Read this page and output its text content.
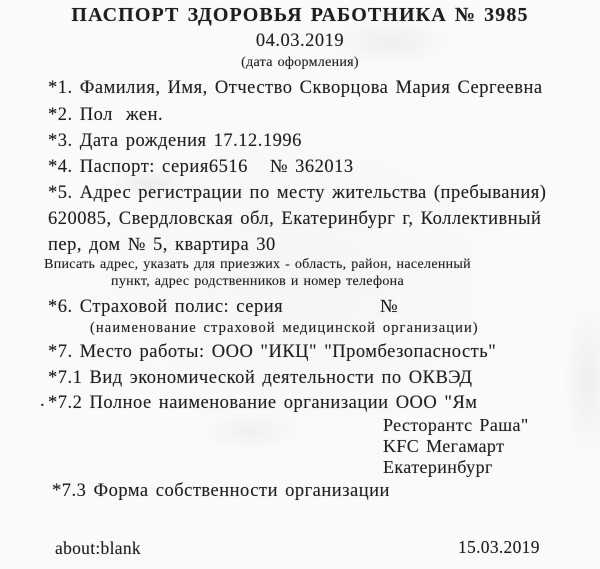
ПАСПОРТ ЗДОРОВЬЯ РАБОТНИКА № 3985
04.03.2019
(дата оформления)
*1. Фамилия, Имя, Отчество Скворцова Мария Сергеевна
*2. Пол жен.
*3. Дата рождения 17.12.1996
*4. Паспорт: серия6516 № 362013
*5. Адрес регистрации по месту жительства (пребывания)
620085, Свердловская обл, Екатеринбург г, Коллективный
пер, дом № 5, квартира 30
Вписать адрес, указать для приезжих - область, район, населенный
пункт, адрес родственников и номер телефона
*6. Страховой полис: серия	№
(наименование страховой медицинской организации)
*7. Место работы: ООО "ИКЦ" "Промбезопасность"
*7.1 Вид экономической деятельности по ОКВЭД
. *7.2 Полное наименование организации ООО "Ям
Ресторантс Раша"
KFC Мегамарт
Екатеринбург
*7.3 Форма собственности организации
about:blank	15.03.2019
